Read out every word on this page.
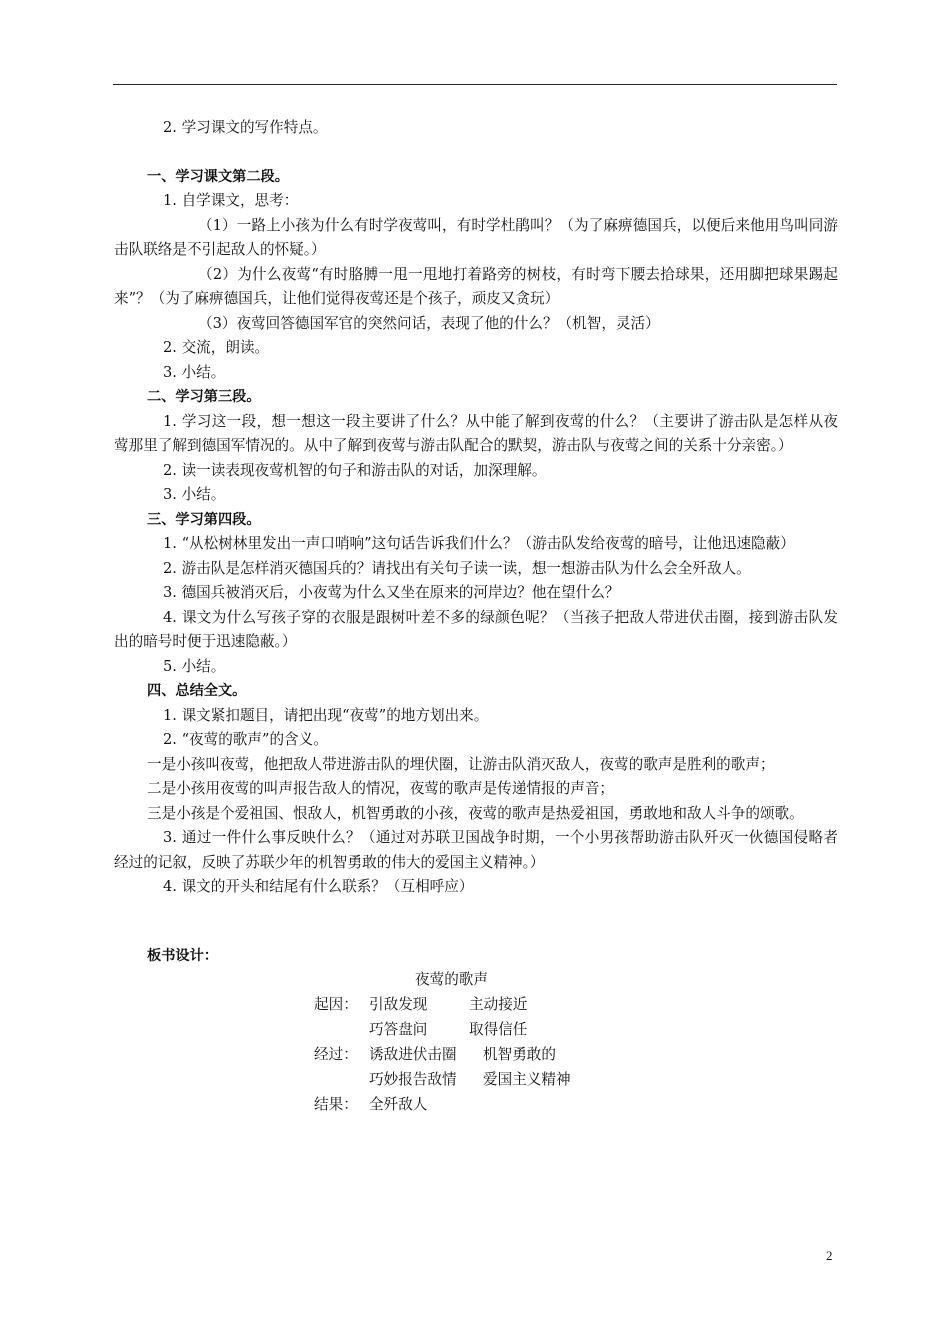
2. 学习课文的写作特点。

一、学习课文第二段。

1. 自学课文，思考：

（1）一路上小孩为什么有时学夜莺叫，有时学杜鹃叫？（为了麻痹德国兵，以便后来他用鸟叫同游击队联络是不引起敌人的怀疑。）

（2）为什么夜莺“有时胳膊一甩一甩地打着路旁的树枝，有时弯下腰去拾球果，还用脚把球果踢起来”？（为了麻痹德国兵，让他们觉得夜莺还是个孩子，顽皮又贪玩）

（3）夜莺回答德国军官的突然问话，表现了他的什么？（机智，灵活）

2. 交流，朗读。

3. 小结。

二、学习第三段。

1. 学习这一段，想一想这一段主要讲了什么？从中能了解到夜莺的什么？（主要讲了游击队是怎样从夜莺那里了解到德国军情况的。从中了解到夜莺与游击队配合的默契，游击队与夜莺之间的关系十分亲密。）

2. 读一读表现夜莺机智的句子和游击队的对话，加深理解。

3. 小结。

三、学习第四段。

1. “从松树林里发出一声口哨响”这句话告诉我们什么？（游击队发给夜莺的暗号，让他迅速隐蔽）

2. 游击队是怎样消灭德国兵的？请找出有关句子读一读，想一想游击队为什么会全歼敌人。

3. 德国兵被消灭后，小夜莺为什么又坐在原来的河岸边？他在望什么？

4. 课文为什么写孩子穿的衣服是跟树叶差不多的绿颜色呢？（当孩子把敌人带进伏击圈，接到游击队发出的暗号时便于迅速隐蔽。）

5. 小结。

四、总结全文。

1. 课文紧扣题目，请把出现“夜莺”的地方划出来。

2. “夜莺的歌声”的含义。

一是小孩叫夜莺，他把敌人带进游击队的埋伏圈，让游击队消灭敌人，夜莺的歌声是胜利的歌声；

二是小孩用夜莺的叫声报告敌人的情况，夜莺的歌声是传递情报的声音；

三是小孩是个爱祖国、恨敌人，机智勇敢的小孩，夜莺的歌声是热爱祖国，勇敢地和敌人斗争的颂歌。

3. 通过一件什么事反映什么？（通过对苏联卫国战争时期，一个小男孩帮助游击队歼灭一伙德国侵略者经过的记叙，反映了苏联少年的机智勇敢的伟大的爱国主义精神。）

4. 课文的开头和结尾有什么联系？（互相呼应）

板书设计：

夜莺的歌声
起因： 引敌发现	主动接近
巧答盘问	取得信任
经过： 诱敌进伏击圈 机智勇敢的
巧妙报告敌情 爱国主义精神
结果： 全歼敌人
2
